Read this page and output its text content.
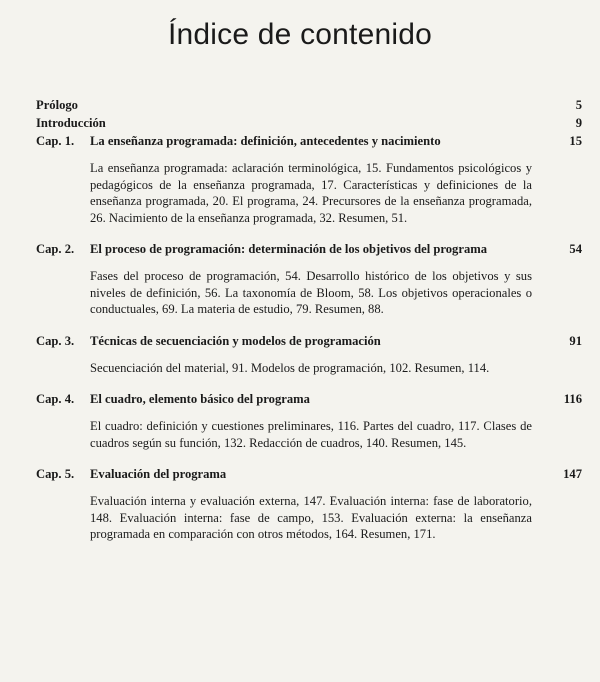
Índice de contenido
Prólogo	5
Introducción	9
Cap. 1.	La enseñanza programada: definición, antecedentes y nacimiento	15
La enseñanza programada: aclaración terminológica, 15. Fundamentos psicológicos y pedagógicos de la enseñanza programada, 17. Características y definiciones de la enseñanza programada, 20. El programa, 24. Precursores de la enseñanza programada, 26. Nacimiento de la enseñanza programada, 32. Resumen, 51.
Cap. 2.	El proceso de programación: determinación de los objetivos del programa	54
Fases del proceso de programación, 54. Desarrollo histórico de los objetivos y sus niveles de definición, 56. La taxonomía de Bloom, 58. Los objetivos operacionales o conductuales, 69. La materia de estudio, 79. Resumen, 88.
Cap. 3.	Técnicas de secuenciación y modelos de programación	91
Secuenciación del material, 91. Modelos de programación, 102. Resumen, 114.
Cap. 4.	El cuadro, elemento básico del programa	116
El cuadro: definición y cuestiones preliminares, 116. Partes del cuadro, 117. Clases de cuadros según su función, 132. Redacción de cuadros, 140. Resumen, 145.
Cap. 5.	Evaluación del programa	147
Evaluación interna y evaluación externa, 147. Evaluación interna: fase de laboratorio, 148. Evaluación interna: fase de campo, 153. Evaluación externa: la enseñanza programada en comparación con otros métodos, 164. Resumen, 171.
